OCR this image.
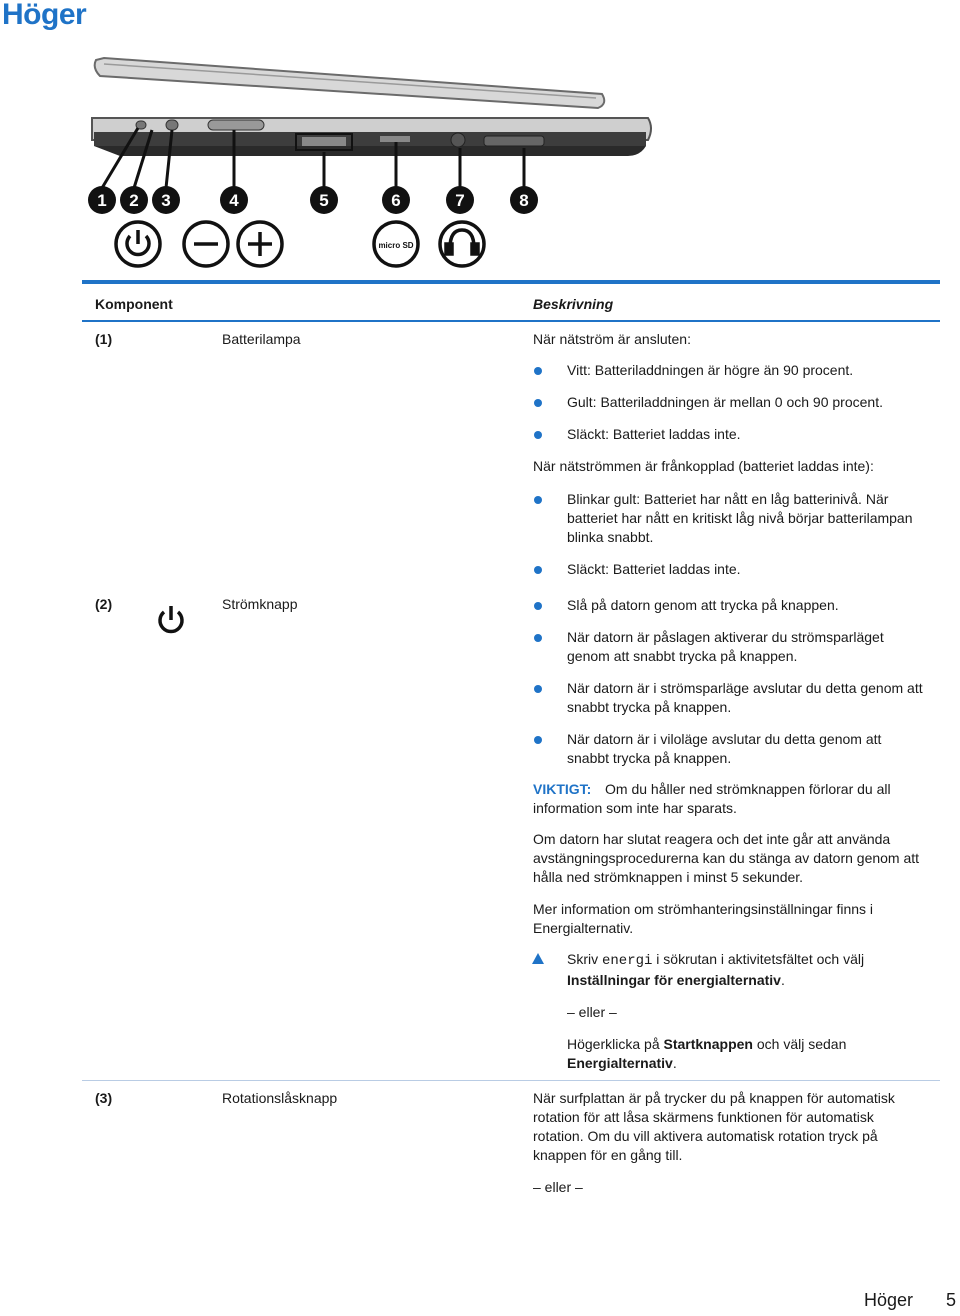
Höger
1 2 3	4	5	6	7	8
micro SD
Komponent	Beskrivning

(1)	Batterilampa	När nätström är ansluten:

Vitt: Batteriladdningen är högre än 90 procent.

Gult: Batteriladdningen är mellan 0 och 90 procent.

Släckt: Batteriet laddas inte.

När nätströmmen är frånkopplad (batteriet laddas inte):

Blinkar gult: Batteriet har nått en låg batterinivå. När

batteriet har nått en kritiskt låg nivå börjar batterilampan

blinka snabbt.

Släckt: Batteriet laddas inte.

(2)	Strömknapp	Slå på datorn genom att trycka på knappen.

När datorn är påslagen aktiverar du strömsparläget

genom att snabbt trycka på knappen.

När datorn är i strömsparläge avslutar du detta genom att

snabbt trycka på knappen.

När datorn är i viloläge avslutar du detta genom att

snabbt trycka på knappen.

VIKTIGT: Om du håller ned strömknappen förlorar du all

information som inte har sparats.

Om datorn har slutat reagera och det inte går att använda

avstängningsprocedurerna kan du stänga av datorn genom att

hålla ned strömknappen i minst 5 sekunder.

Mer information om strömhanteringsinställningar finns i

Energialternativ.

Skriv energi i sökrutan i aktivitetsfältet och välj

Inställningar för energialternativ.

– eller –

Högerklicka på Startknappen och välj sedan

Energialternativ.

(3)	Rotationslåsknapp	När surfplattan är på trycker du på knappen för automatisk

rotation för att låsa skärmens funktionen för automatisk

rotation. Om du vill aktivera automatisk rotation tryck på

knappen för en gång till.

– eller –

Höger 5
